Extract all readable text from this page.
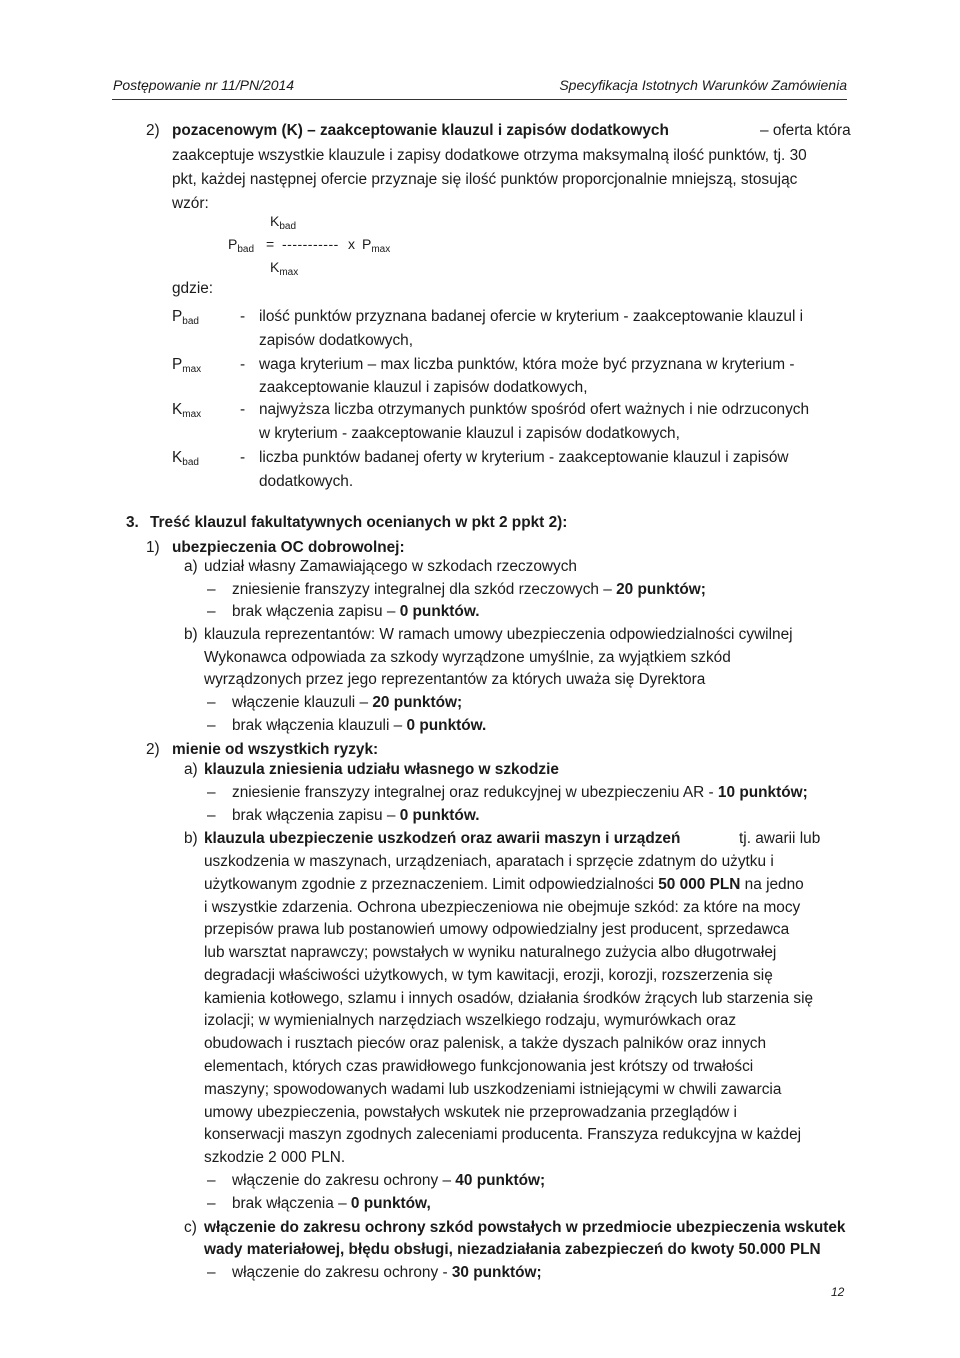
Postępowanie nr 11/PN/2014	Specyfikacja Istotnych Warunków Zamówienia
2) pozacenowym (K) – zaakceptowanie klauzul i zapisów dodatkowych	– oferta która
zaakceptuje wszystkie klauzule i zapisy dodatkowe otrzyma maksymalną ilość punktów, tj. 30
pkt, każdej następnej ofercie przyznaje się ilość punktów proporcjonalnie mniejszą, stosując
wzór:
$K_{bad}$
$P_{bad}$ = ----------- x $P_{max}$
$K_{max}$
gdzie:
$P_{bad}$	- ilość punktów przyznana badanej ofercie w kryterium - zaakceptowanie klauzul i
zapisów dodatkowych,
$P_{max}$	- waga kryterium – max liczba punktów, która może być przyznana w kryterium -
zaakceptowanie klauzul i zapisów dodatkowych,
$K_{max}$	- najwyższa liczba otrzymanych punktów spośród ofert ważnych i nie odrzuconych
w kryterium - zaakceptowanie klauzul i zapisów dodatkowych,
$K_{bad}$	- liczba punktów badanej oferty w kryterium - zaakceptowanie klauzul i zapisów
dodatkowych.
3. Treść klauzul fakultatywnych ocenianych w pkt 2 ppkt 2):
1) ubezpieczenia OC dobrowolnej:
a) udział własny Zamawiającego w szkodach rzeczowych
– zniesienie franszyzy integralnej dla szkód rzeczowych – 20 punktów;
– brak włączenia zapisu – 0 punktów.
b) klauzula reprezentantów: W ramach umowy ubezpieczenia odpowiedzialności cywilnej
Wykonawca odpowiada za szkody wyrządzone umyślnie, za wyjątkiem szkód
wyrządzonych przez jego reprezentantów za których uważa się Dyrektora
– włączenie klauzuli – 20 punktów;
– brak włączenia klauzuli – 0 punktów.
2) mienie od wszystkich ryzyk:
a) klauzula zniesienia udziału własnego w szkodzie
– zniesienie franszyzy integralnej oraz redukcyjnej w ubezpieczeniu AR - 10 punktów;
– brak włączenia zapisu – 0 punktów.
b) klauzula ubezpieczenie uszkodzeń oraz awarii maszyn i urządzeń	tj. awarii lub
uszkodzenia w maszynach, urządzeniach, aparatach i sprzęcie zdatnym do użytku i
użytkowanym zgodnie z przeznaczeniem. Limit odpowiedzialności 50 000 PLN na jedno
i wszystkie zdarzenia. Ochrona ubezpieczeniowa nie obejmuje szkód: za które na mocy
przepisów prawa lub postanowień umowy odpowiedzialny jest producent, sprzedawca
lub warsztat naprawczy; powstałych w wyniku naturalnego zużycia albo długotrwałej
degradacji właściwości użytkowych, w tym kawitacji, erozji, korozji, rozszerzenia się
kamienia kotłowego, szlamu i innych osadów, działania środków żrących lub starzenia się
izolacji; w wymienialnych narzędziach wszelkiego rodzaju, wymurówkach oraz
obudowach i rusztach pieców oraz palenisk, a także dyszach palników oraz innych
elementach, których czas prawidłowego funkcjonowania jest krótszy od trwałości
maszyny; spowodowanych wadami lub uszkodzeniami istniejącymi w chwili zawarcia
umowy ubezpieczenia, powstałych wskutek nie przeprowadzania przeglądów i
konserwacji maszyn zgodnych zaleceniami producenta. Franszyza redukcyjna w każdej
szkodzie 2 000 PLN.
– włączenie do zakresu ochrony – 40 punktów;
– brak włączenia – 0 punktów,
c) włączenie do zakresu ochrony szkód powstałych w przedmiocie ubezpieczenia wskutek
wady materiałowej, błędu obsługi, niezadziałania zabezpieczeń do kwoty 50.000 PLN
– włączenie do zakresu ochrony - 30 punktów;
12
